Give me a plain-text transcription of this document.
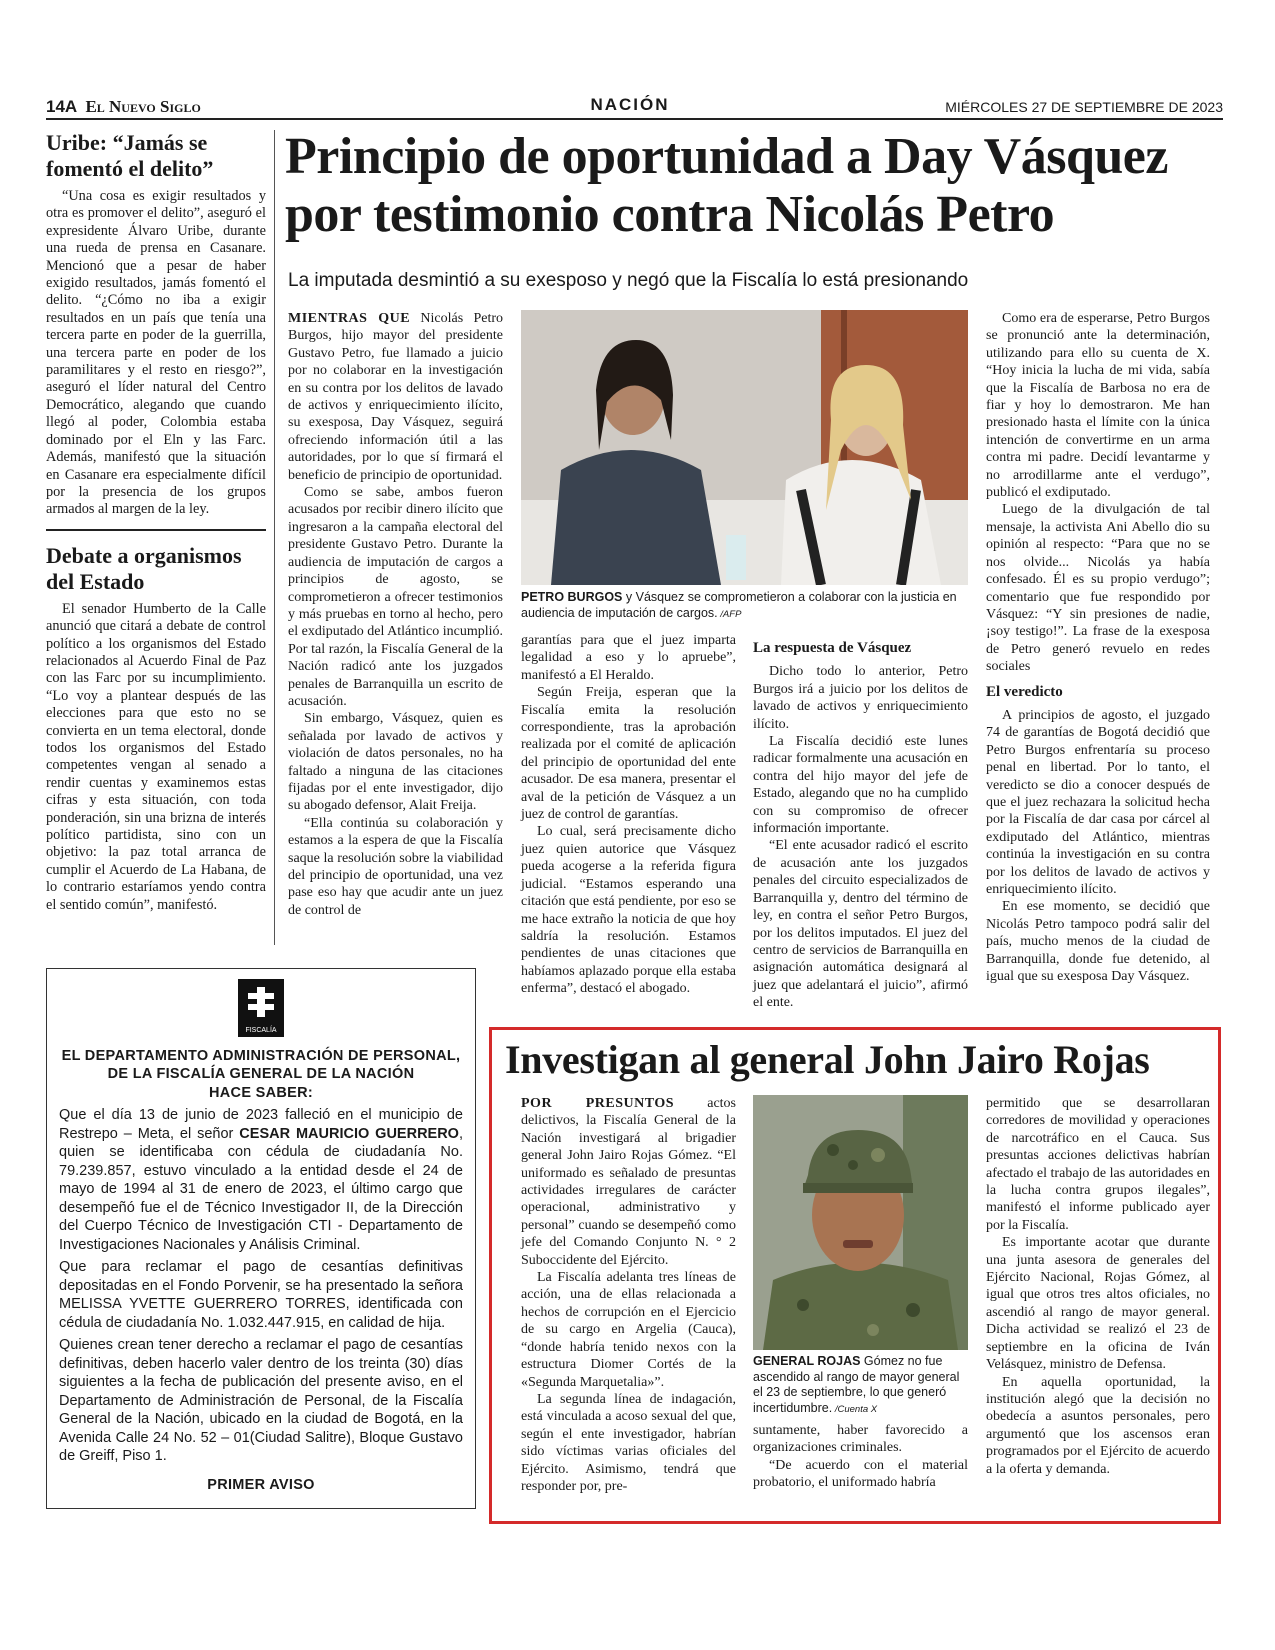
14A El Nuevo Siglo	NACIÓN	MIÉRCOLES 27 DE SEPTIEMBRE DE 2023
Uribe: “Jamás se fomentó el delito”

“Una cosa es exigir resultados y otra es promover el delito”, aseguró el expresidente Álvaro Uribe, durante una rueda de prensa en Casanare. Mencionó que a pesar de haber exigido resultados, jamás fomentó el delito. “¿Cómo no iba a exigir resultados en un país que tenía una tercera parte en poder de la guerrilla, una tercera parte en poder de los paramilitares y el resto en riesgo?”, aseguró el líder natural del Centro Democrático, alegando que cuando llegó al poder, Colombia estaba dominado por el Eln y las Farc. Además, manifestó que la situación en Casanare era especialmente difícil por la presencia de los grupos armados al margen de la ley.

Debate a organismos del Estado

El senador Humberto de la Calle anunció que citará a debate de control político a los organismos del Estado relacionados al Acuerdo Final de Paz con las Farc por su incumplimiento. “Lo voy a plantear después de las elecciones para que esto no se convierta en un tema electoral, donde todos los organismos del Estado competentes vengan al senado a rendir cuentas y examinemos estas cifras y esta situación, con toda ponderación, sin una brizna de interés político partidista, sino con un objetivo: la paz total arranca de cumplir el Acuerdo de La Habana, de lo contrario estaríamos yendo contra el sentido común”, manifestó.

Principio de oportunidad a Day Vásquez
por testimonio contra Nicolás Petro
La imputada desmintió a su exesposo y negó que la Fiscalía lo está presionando

MIENTRAS QUE Nicolás Petro Burgos, hijo mayor del presidente Gustavo Petro, fue llamado a juicio por no colaborar en la investigación en su contra por los delitos de lavado de activos y enriquecimiento ilícito, su exesposa, Day Vásquez, seguirá ofreciendo información útil a las autoridades, por lo que sí firmará el beneficio de principio de oportunidad.

Como se sabe, ambos fueron acusados por recibir dinero ilícito que ingresaron a la campaña electoral del presidente Gustavo Petro. Durante la audiencia de imputación de cargos a principios de agosto, se comprometieron a ofrecer testimonios y más pruebas en torno al hecho, pero el exdiputado del Atlántico incumplió. Por tal razón, la Fiscalía General de la Nación radicó ante los juzgados penales de Barranquilla un escrito de acusación.

Sin embargo, Vásquez, quien es señalada por lavado de activos y violación de datos personales, no ha faltado a ninguna de las citaciones fijadas por el ente investigador, dijo su abogado defensor, Alait Freija.

“Ella continúa su colaboración y estamos a la espera de que la Fiscalía saque la resolución sobre la viabilidad del principio de oportunidad, una vez pase eso hay que acudir ante un juez de control de

PETRO BURGOS y Vásquez se comprometieron a colaborar con la justicia en audiencia de imputación de cargos. /AFP

garantías para que el juez imparta legalidad a eso y lo apruebe”, manifestó a El Heraldo.

Según Freija, esperan que la Fiscalía emita la resolución correspondiente, tras la aprobación realizada por el comité de aplicación del principio de oportunidad del ente acusador. De esa manera, presentar el aval de la petición de Vásquez a un juez de control de garantías.

Lo cual, será precisamente dicho juez quien autorice que Vásquez pueda acogerse a la referida figura judicial. “Estamos esperando una citación que está pendiente, por eso se me hace extraño la noticia de que hoy saldría la resolución. Estamos pendientes de unas citaciones que habíamos aplazado porque ella estaba enferma”, destacó el abogado.

La respuesta de Vásquez

Dicho todo lo anterior, Petro Burgos irá a juicio por los delitos de lavado de activos y enriquecimiento ilícito.

La Fiscalía decidió este lunes radicar formalmente una acusación en contra del hijo mayor del jefe de Estado, alegando que no ha cumplido con su compromiso de ofrecer información importante.

“El ente acusador radicó el escrito de acusación ante los juzgados penales del circuito especializados de Barranquilla y, dentro del término de ley, en contra el señor Petro Burgos, por los delitos imputados. El juez del centro de servicios de Barranquilla en asignación automática designará al juez que adelantará el juicio”, afirmó el ente.

Como era de esperarse, Petro Burgos se pronunció ante la determinación, utilizando para ello su cuenta de X. “Hoy inicia la lucha de mi vida, sabía que la Fiscalía de Barbosa no era de fiar y hoy lo demostraron. Me han presionado hasta el límite con la única intención de convertirme en un arma contra mi padre. Decidí levantarme y no arrodillarme ante el verdugo”, publicó el exdiputado.

Luego de la divulgación de tal mensaje, la activista Ani Abello dio su opinión al respecto: “Para que no se nos olvide... Nicolás ya había confesado. Él es su propio verdugo”; comentario que fue respondido por Vásquez: “Y sin presiones de nadie, ¡soy testigo!”. La frase de la exesposa de Petro generó revuelo en redes sociales

El veredicto

A principios de agosto, el juzgado 74 de garantías de Bogotá decidió que Petro Burgos enfrentaría su proceso penal en libertad. Por lo tanto, el veredicto se dio a conocer después de que el juez rechazara la solicitud hecha por la Fiscalía de dar casa por cárcel al exdiputado del Atlántico, mientras continúa la investigación en su contra por los delitos de lavado de activos y enriquecimiento ilícito.

En ese momento, se decidió que Nicolás Petro tampoco podrá salir del país, mucho menos de la ciudad de Barranquilla, donde fue detenido, al igual que su exesposa Day Vásquez.

FISCALÍA
EL DEPARTAMENTO ADMINISTRACIÓN DE PERSONAL,
DE LA FISCALÍA GENERAL DE LA NACIÓN
HACE SABER:

Que el día 13 de junio de 2023 falleció en el municipio de Restrepo – Meta, el señor CESAR MAURICIO GUERRERO, quien se identificaba con cédula de ciudadanía No. 79.239.857, estuvo vinculado a la entidad desde el 24 de mayo de 1994 al 31 de enero de 2023, el último cargo que desempeñó fue el de Técnico Investigador II, de la Dirección del Cuerpo Técnico de Investigación CTI - Departamento de Investigaciones Nacionales y Análisis Criminal.

Que para reclamar el pago de cesantías definitivas depositadas en el Fondo Porvenir, se ha presentado la señora MELISSA YVETTE GUERRERO TORRES, identificada con cédula de ciudadanía No. 1.032.447.915, en calidad de hija.

Quienes crean tener derecho a reclamar el pago de cesantías definitivas, deben hacerlo valer dentro de los treinta (30) días siguientes a la fecha de publicación del presente aviso, en el Departamento de Administración de Personal, de la Fiscalía General de la Nación, ubicado en la ciudad de Bogotá, en la Avenida Calle 24 No. 52 – 01(Ciudad Salitre), Bloque Gustavo de Greiff, Piso 1.

PRIMER AVISO
Investigan al general John Jairo Rojas

POR PRESUNTOS actos delictivos, la Fiscalía General de la Nación investigará al brigadier general John Jairo Rojas Gómez. “El uniformado es señalado de presuntas actividades irregulares de carácter operacional, administrativo y personal” cuando se desempeñó como jefe del Comando Conjunto N. ° 2 Suboccidente del Ejército.

La Fiscalía adelanta tres líneas de acción, una de ellas relacionada a hechos de corrupción en el Ejercicio de su cargo en Argelia (Cauca), “donde habría tenido nexos con la estructura Diomer Cortés de la «Segunda Marquetalia»”.

La segunda línea de indagación, está vinculada a acoso sexual del que, según el ente investigador, habrían sido víctimas varias oficiales del Ejército. Asimismo, tendrá que responder por, pre-

GENERAL ROJAS Gómez no fue ascendido al rango de mayor general el 23 de septiembre, lo que generó incertidumbre. /Cuenta X

suntamente, haber favorecido a organizaciones criminales.

“De acuerdo con el material probatorio, el uniformado habría

permitido que se desarrollaran corredores de movilidad y operaciones de narcotráfico en el Cauca. Sus presuntas acciones delictivas habrían afectado el trabajo de las autoridades en la lucha contra grupos ilegales”, manifestó el informe publicado ayer por la Fiscalía.

Es importante acotar que durante una junta asesora de generales del Ejército Nacional, Rojas Gómez, al igual que otros tres altos oficiales, no ascendió al rango de mayor general. Dicha actividad se realizó el 23 de septiembre en la oficina de Iván Velásquez, ministro de Defensa.

En aquella oportunidad, la institución alegó que la decisión no obedecía a asuntos personales, pero argumentó que los ascensos eran programados por el Ejército de acuerdo a la oferta y demanda.
